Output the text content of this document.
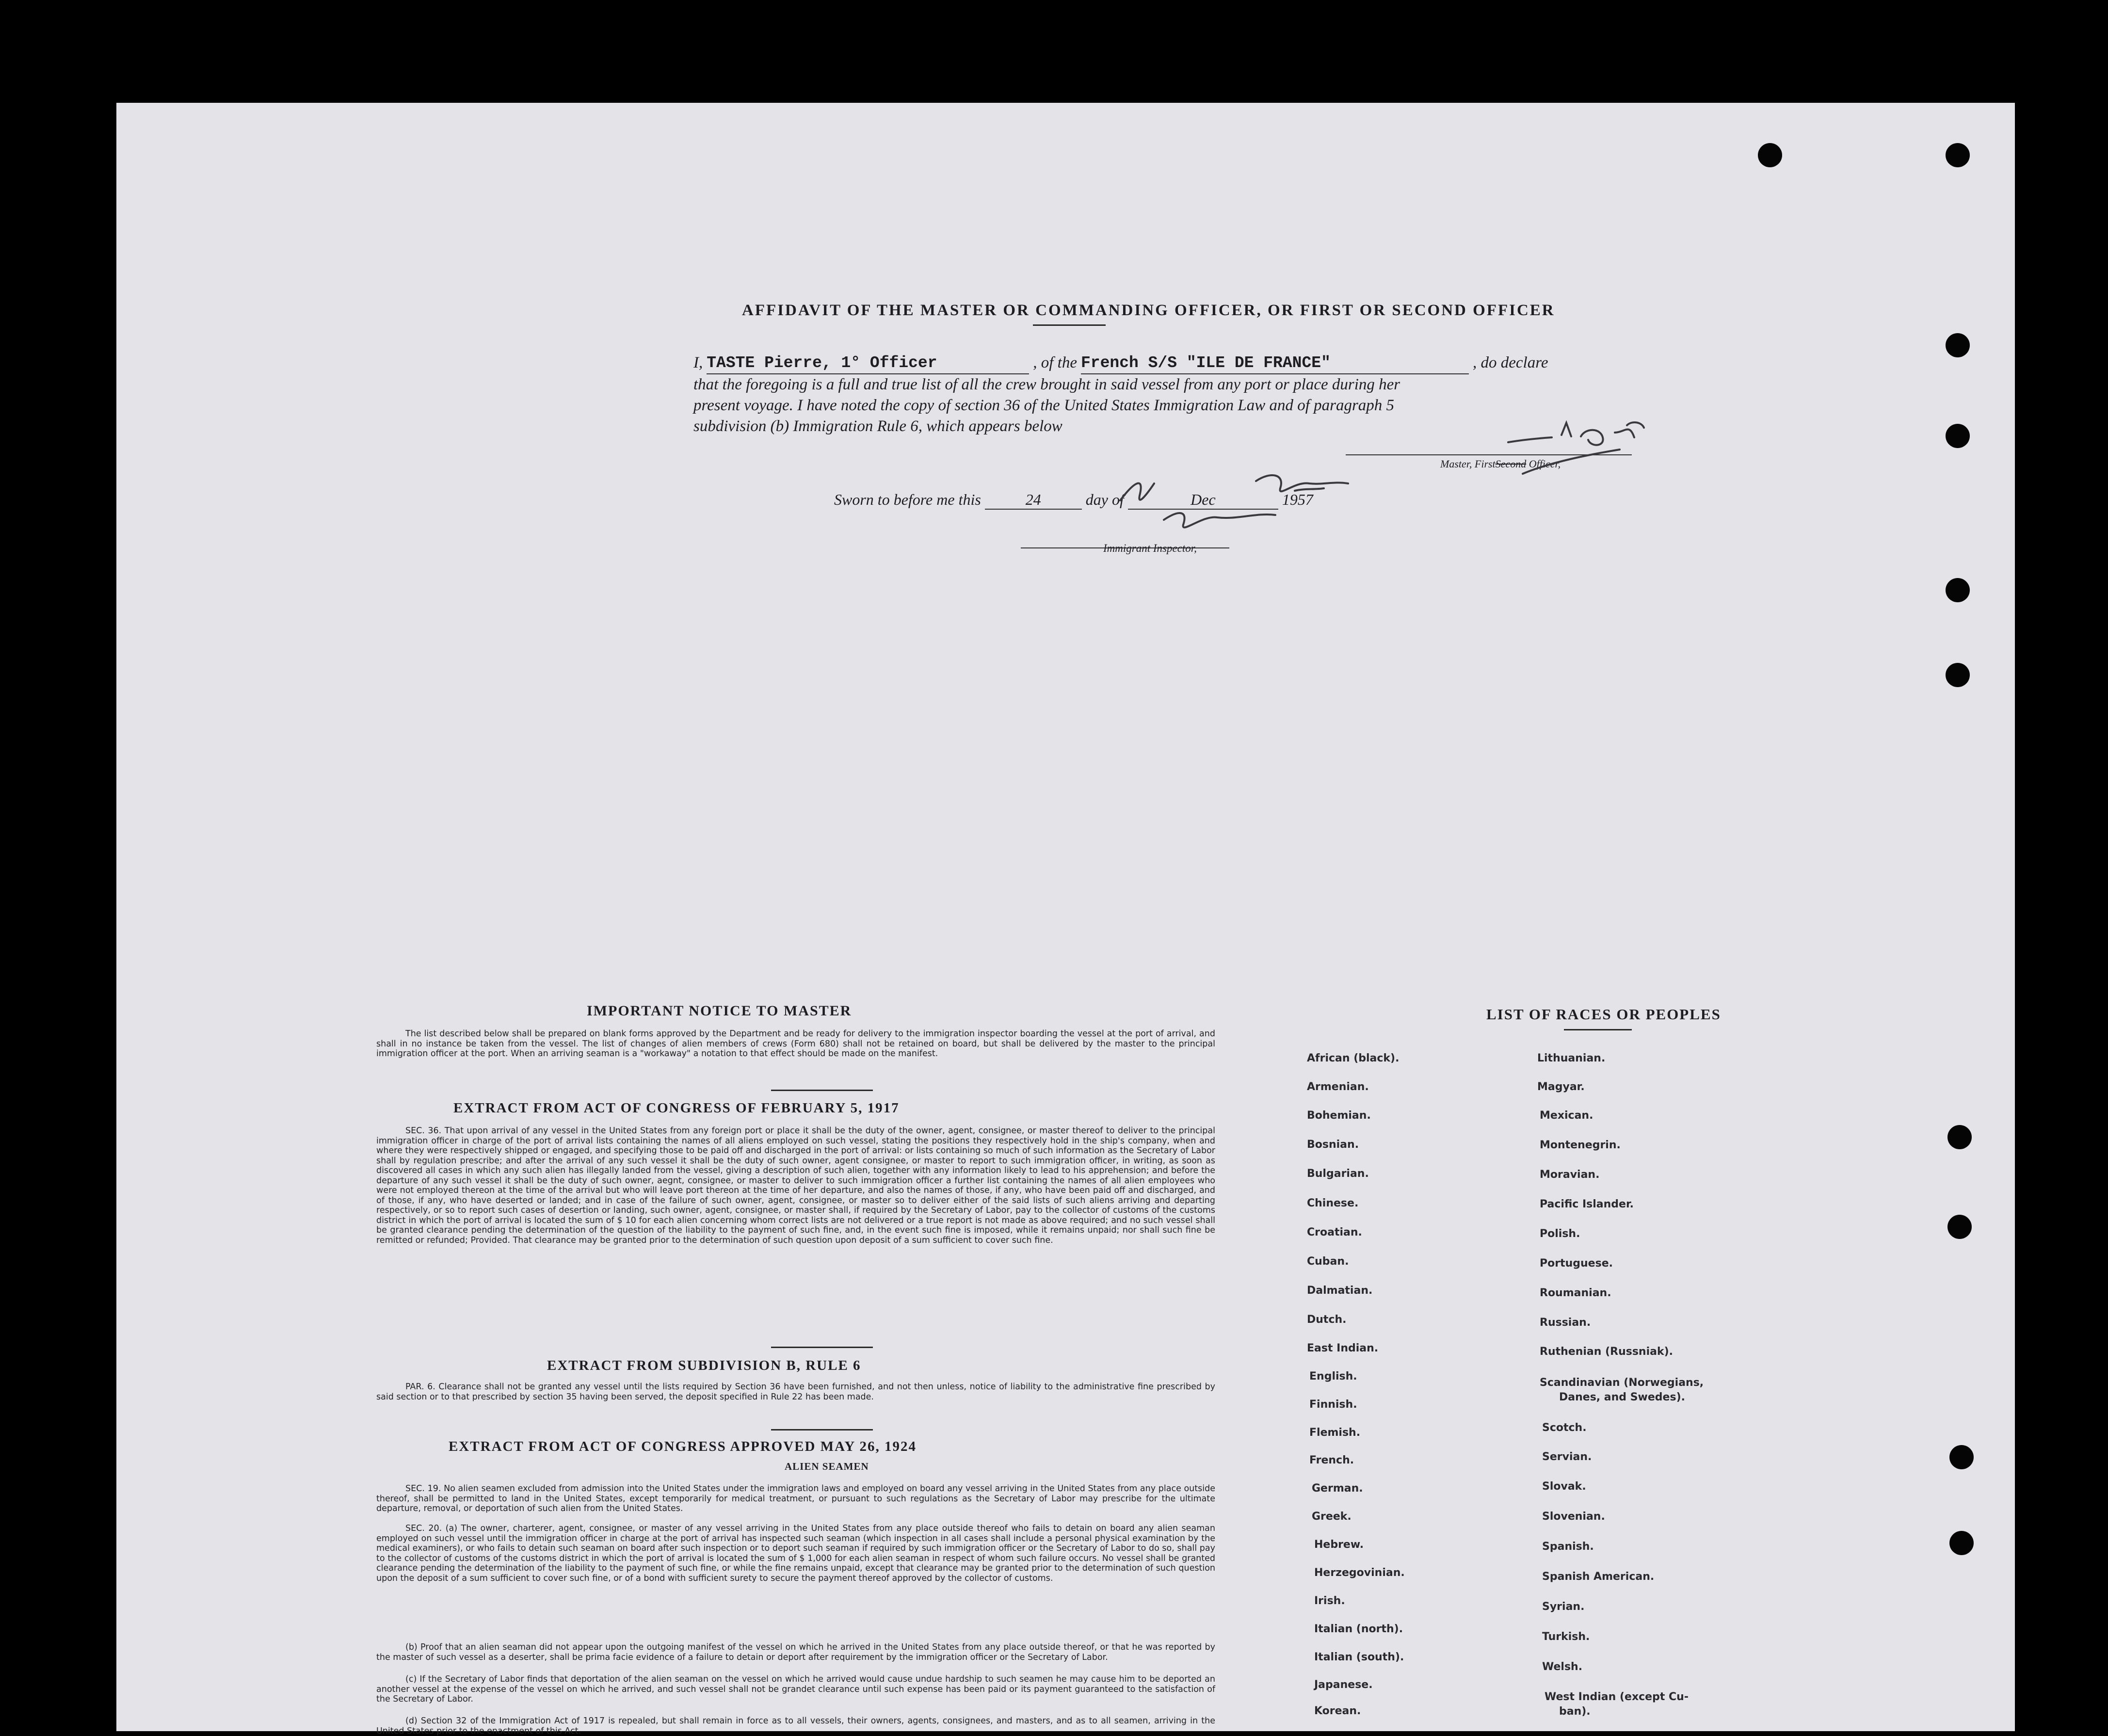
AFFIDAVIT OF THE MASTER OR COMMANDING OFFICER, OR FIRST OR SECOND OFFICER
I, TASTE Pierre, 1° Officer	, of the French S/S "ILE DE FRANCE"	, do declare
that the foregoing is a full and true list of all the crew brought in said vessel from any port or place during her
present voyage. I have noted the copy of section 36 of the United States Immigration Law and of paragraph 5
subdivision (b) Immigration Rule 6, which appears below
Master, FirstSecond Officer,
Sworn to before me this	24	day of	Dec	1957
Immigrant Inspector,
IMPORTANT NOTICE TO MASTER
The list described below shall be prepared on blank forms approved by the Department and be ready for delivery to the immigration inspector boarding the vessel at the port of arrival, and shall in no instance be taken from the vessel. The list of changes of alien members of crews (Form 680) shall not be retained on board, but shall be delivered by the master to the principal immigration officer at the port. When an arriving seaman is a "workaway" a notation to that effect should be made on the manifest.
EXTRACT FROM ACT OF CONGRESS OF FEBRUARY 5, 1917
SEC. 36. That upon arrival of any vessel in the United States from any foreign port or place it shall be the duty of the owner, agent, consignee, or master thereof to deliver to the principal immigration officer in charge of the port of arrival lists containing the names of all aliens employed on such vessel, stating the positions they respectively hold in the ship's company, when and where they were respectively shipped or engaged, and specifying those to be paid off and discharged in the port of arrival: or lists containing so much of such information as the Secretary of Labor shall by regulation prescribe; and after the arrival of any such vessel it shall be the duty of such owner, agent consignee, or master to report to such immigration officer, in writing, as soon as discovered all cases in which any such alien has illegally landed from the vessel, giving a description of such alien, together with any information likely to lead to his apprehension; and before the departure of any such vessel it shall be the duty of such owner, aegnt, consignee, or master to deliver to such immigration officer a further list containing the names of all alien employees who were not employed thereon at the time of the arrival but who will leave port thereon at the time of her departure, and also the names of those, if any, who have been paid off and discharged, and of those, if any, who have deserted or landed; and in case of the failure of such owner, agent, consignee, or master so to deliver either of the said lists of such aliens arriving and departing respectively, or so to report such cases of desertion or landing, such owner, agent, consignee, or master shall, if required by the Secretary of Labor, pay to the collector of customs of the customs district in which the port of arrival is located the sum of $ 10 for each alien concerning whom correct lists are not delivered or a true report is not made as above required; and no such vessel shall be granted clearance pending the determination of the question of the liability to the payment of such fine, and, in the event such fine is imposed, while it remains unpaid; nor shall such fine be remitted or refunded; Provided. That clearance may be granted prior to the determination of such question upon deposit of a sum sufficient to cover such fine.
EXTRACT FROM SUBDIVISION B, RULE 6
PAR. 6. Clearance shall not be granted any vessel until the lists required by Section 36 have been furnished, and not then unless, notice of liability to the administrative fine prescribed by said section or to that prescribed by section 35 having been served, the deposit specified in Rule 22 has been made.
EXTRACT FROM ACT OF CONGRESS APPROVED MAY 26, 1924
ALIEN SEAMEN
SEC. 19. No alien seamen excluded from admission into the United States under the immigration laws and employed on board any vessel arriving in the United States from any place outside thereof, shall be permitted to land in the United States, except temporarily for medical treatment, or pursuant to such regulations as the Secretary of Labor may prescribe for the ultimate departure, removal, or deportation of such alien from the United States.
SEC. 20. (a) The owner, charterer, agent, consignee, or master of any vessel arriving in the United States from any place outside thereof who fails to detain on board any alien seaman employed on such vessel until the immigration officer in charge at the port of arrival has inspected such seaman (which inspection in all cases shall include a personal physical examination by the medical examiners), or who fails to detain such seaman on board after such inspection or to deport such seaman if required by such immigration officer or the Secretary of Labor to do so, shall pay to the collector of customs of the customs district in which the port of arrival is located the sum of $ 1,000 for each alien seaman in respect of whom such failure occurs. No vessel shall be granted clearance pending the determination of the liability to the payment of such fine, or while the fine remains unpaid, except that clearance may be granted prior to the determination of such question upon the deposit of a sum sufficient to cover such fine, or of a bond with sufficient surety to secure the payment thereof approved by the collector of customs.
(b) Proof that an alien seaman did not appear upon the outgoing manifest of the vessel on which he arrived in the United States from any place outside thereof, or that he was reported by the master of such vessel as a deserter, shall be prima facie evidence of a failure to detain or deport after requirement by the immigration officer or the Secretary of Labor.
(c) If the Secretary of Labor finds that deportation of the alien seaman on the vessel on which he arrived would cause undue hardship to such seamen he may cause him to be deported an another vessel at the expense of the vessel on which he arrived, and such vessel shall not be grandet clearance until such expense has been paid or its payment guaranteed to the satisfaction of the Secretary of Labor.
(d) Section 32 of the Immigration Act of 1917 is repealed, but shall remain in force as to all vessels, their owners, agents, consignees, and masters, and as to all seamen, arriving in the United States prior to the enactment of this Act.
LIST OF RACES OR PEOPLES
African (black).
Armenian.
Bohemian.
Bosnian.
Bulgarian.
Chinese.
Croatian.
Cuban.
Dalmatian.
Dutch.
East Indian.
English.
Finnish.
Flemish.
French.
German.
Greek.
Hebrew.
Herzegovinian.
Irish.
Italian (north).
Italian (south).
Japanese.
Korean.
Lithuanian.
Magyar.
Mexican.
Montenegrin.
Moravian.
Pacific Islander.
Polish.
Portuguese.
Roumanian.
Russian.
Ruthenian (Russniak).
Scandinavian (Norwegians,
Danes, and Swedes).
Scotch.
Servian.
Slovak.
Slovenian.
Spanish.
Spanish American.
Syrian.
Turkish.
Welsh.
West Indian (except Cu-
ban).
